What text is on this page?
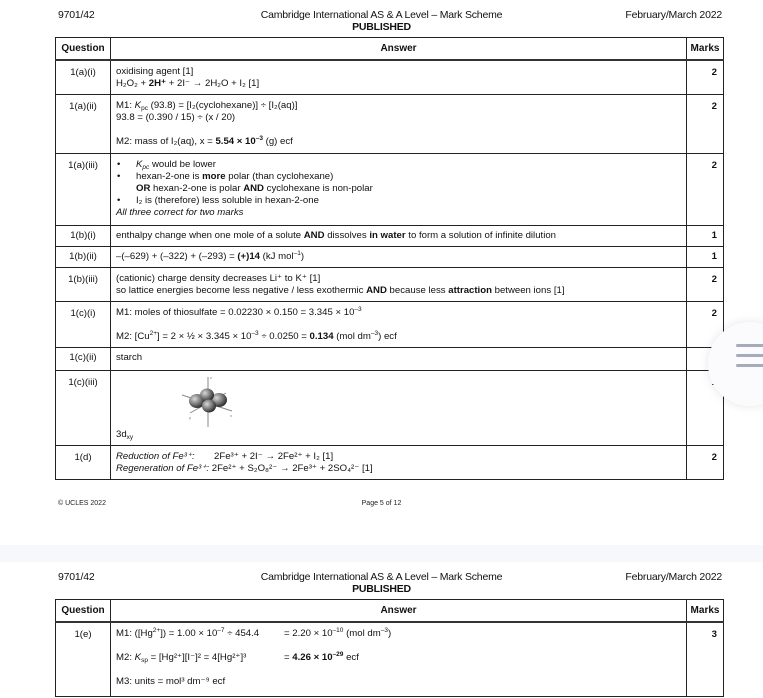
9701/42	Cambridge International AS & A Level – Mark Scheme
PUBLISHED
February/March 2022
Question	Answer	Marks
1(a)(i)	oxidising agent [1]
H₂O₂ + 2H⁺ + 2I⁻ → 2H₂O + I₂ [1]	2
1(a)(ii)	M1: $K_{pc}$ (93.8) = [I₂(cyclohexane)] ÷ [I₂(aq)]
93.8 = (0.390 / 15) ÷ (x / 20)
M2: mass of I₂(aq), $x = 5.54 \times 10^{-3}$ (g) ecf	2
1(a)(iii)	• $K_{pc}$ would be lower
• hexan-2-one is more polar (than cyclohexane)
OR hexan-2-one is polar AND cyclohexane is non-polar
• I₂ is (therefore) less soluble in hexan-2-one
All three correct for two marks	2
1(b)(i)	enthalpy change when one mole of a solute AND dissolves in water to form a solution of infinite dilution	1
1(b)(ii)	–(–629) + (–322) + (–293) = (+)14 (kJ mol$^{-1}$)	1
1(b)(iii)	(cationic) charge density decreases Li⁺ to K⁺ [1]
so lattice energies become less negative / less exothermic AND because less attraction between ions [1]	2
1(c)(i)	M1: moles of thiosulfate = $0.02230 \times 0.150 = 3.345 \times 10^{-3}$
M2: $[Cu^{2+}] = 2$ × ½ × $3.345 \times 10^{-3} \div 0.0250 = 0.134$ (mol $dm^{-3}$) ecf	2
1(c)(ii)	starch	

1(c)(iii)	z
y x
$3d_{xy}$

1(d)	Reduction of Fe³⁺: 2Fe³⁺ + 2I⁻ → 2Fe²⁺ + I₂ [1]
Regeneration of Fe³⁺: 2Fe²⁺ + S₂O₈²⁻ → 2Fe³⁺ + 2SO₄²⁻ [1]	2
© UCLES 2022	Page 5 of 12
9701/42	Cambridge International AS & A Level – Mark Scheme
PUBLISHED
February/March 2022
Question	Answer	Marks
1(e)	M1: $([Hg^{2+}]) = 1.00 \times 10^{-7} \div 454.4 = 2.20 \times 10^{-10}$ (mol $dm^{-3}$)
M2: $K_{sp} = [Hg^{2+}][I^-]^2 = 4[Hg^{2+}]^3 = 4.26 \times 10^{-29}$ ecf
M3: units = mol³ dm⁻⁹ ecf	3
